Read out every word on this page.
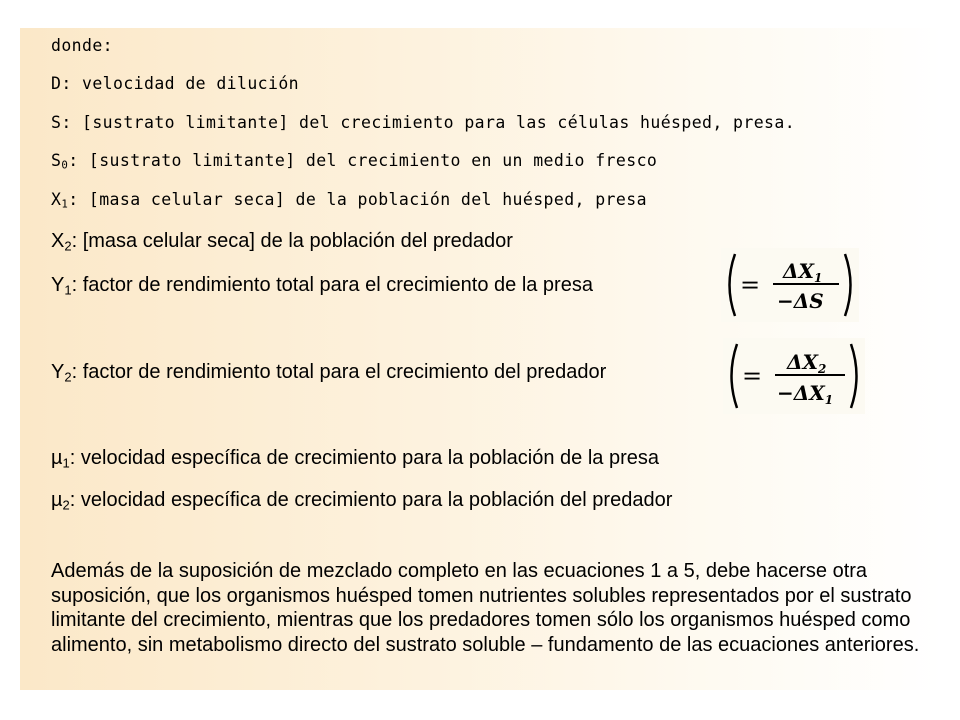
donde:
D: velocidad de dilución
S: [sustrato limitante] del crecimiento para las células huésped, presa.
$S_0$: [sustrato limitante] del crecimiento en un medio fresco
$X_1$: [masa celular seca] de la población del huésped, presa
$X_2$: [masa celular seca] de la población del predador
$Y_1$: factor de rendimiento total para el crecimiento de la presa
$Y_2$: factor de rendimiento total para el crecimiento del predador
µ$_1$: velocidad específica de crecimiento para la población de la presa
µ$_2$: velocidad específica de crecimiento para la población del predador
Además de la suposición de mezclado completo en las ecuaciones 1 a 5, debe hacerse otra suposición, que los organismos huésped tomen nutrientes solubles representados por el sustrato limitante del crecimiento, mientras que los predadores tomen sólo los organismos huésped como alimento, sin metabolismo directo del sustrato soluble – fundamento de las ecuaciones anteriores.
= $\Delta X_1$
−ΔS
= $\Delta X_2$
$-\Delta X_1$
